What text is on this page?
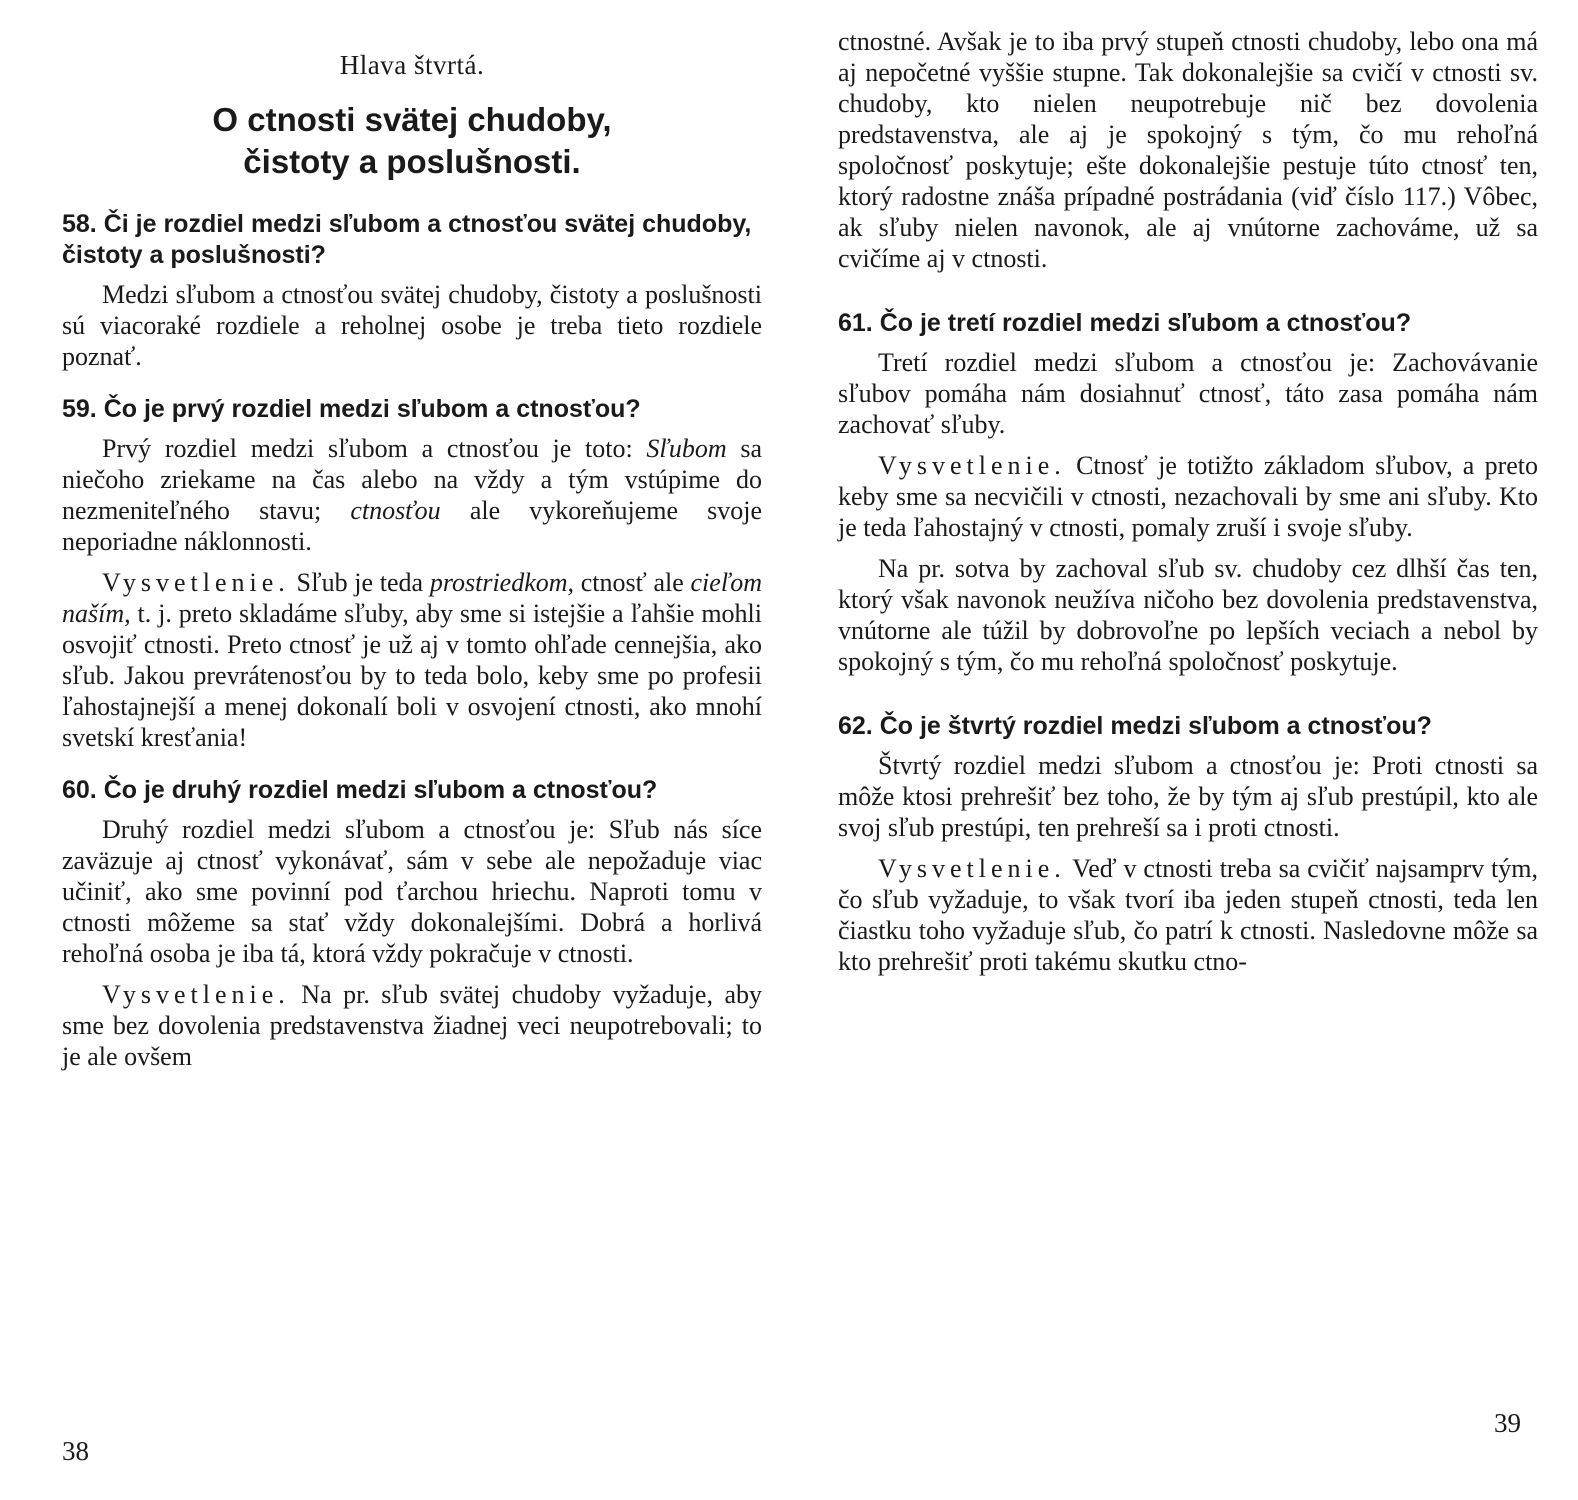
Hlava štvrtá.
O ctnosti svätej chudoby,
čistoty a poslušnosti.
58. Či je rozdiel medzi sľubom a ctnosťou svätej chudoby, čistoty a poslušnosti?

Medzi sľubom a ctnosťou svätej chudoby, čistoty a poslušnosti sú viacoraké rozdiele a reholnej osobe je treba tieto rozdiele poznať.

59. Čo je prvý rozdiel medzi sľubom a ctnosťou?

Prvý rozdiel medzi sľubom a ctnosťou je toto: Sľubom sa niečoho zriekame na čas alebo na vždy a tým vstúpime do nezmeniteľného stavu; ctnosťou ale vykoreňujeme svoje neporiadne náklonnosti.

Vysvetlenie. Sľub je teda prostriedkom, ctnosť ale cieľom naším, t. j. preto skladáme sľuby, aby sme si istejšie a ľahšie mohli osvojiť ctnosti. Preto ctnosť je už aj v tomto ohľade cennejšia, ako sľub. Jakou prevrátenosťou by to teda bolo, keby sme po profesii ľahostajnejší a menej dokonalí boli v osvojení ctnosti, ako mnohí svetskí kresťania!

60. Čo je druhý rozdiel medzi sľubom a ctnosťou?

Druhý rozdiel medzi sľubom a ctnosťou je: Sľub nás síce zaväzuje aj ctnosť vykonávať, sám v sebe ale nepožaduje viac učiniť, ako sme povinní pod ťarchou hriechu. Naproti tomu v ctnosti môžeme sa stať vždy dokonalejšími. Dobrá a horlivá rehoľná osoba je iba tá, ktorá vždy pokračuje v ctnosti.

Vysvetlenie. Na pr. sľub svätej chudoby vyžaduje, aby sme bez dovolenia predstavenstva žiadnej veci neupotrebovali; to je ale ovšem

38

ctnostné. Avšak je to iba prvý stupeň ctnosti chudoby, lebo ona má aj nepočetné vyššie stupne. Tak dokonalejšie sa cvičí v ctnosti sv. chudoby, kto nielen neupotrebuje nič bez dovolenia predstavenstva, ale aj je spokojný s tým, čo mu rehoľná spoločnosť poskytuje; ešte dokonalejšie pestuje túto ctnosť ten, ktorý radostne znáša prípadné postrádania (viď číslo 117.) Vôbec, ak sľuby nielen navonok, ale aj vnútorne zachováme, už sa cvičíme aj v ctnosti.

61. Čo je tretí rozdiel medzi sľubom a ctnosťou?

Tretí rozdiel medzi sľubom a ctnosťou je: Zachovávanie sľubov pomáha nám dosiahnuť ctnosť, táto zasa pomáha nám zachovať sľuby.

Vysvetlenie. Ctnosť je totižto základom sľubov, a preto keby sme sa necvičili v ctnosti, nezachovali by sme ani sľuby. Kto je teda ľahostajný v ctnosti, pomaly zruší i svoje sľuby.

Na pr. sotva by zachoval sľub sv. chudoby cez dlhší čas ten, ktorý však navonok neužíva ničoho bez dovolenia predstavenstva, vnútorne ale túžil by dobrovoľne po lepších veciach a nebol by spokojný s tým, čo mu rehoľná spoločnosť poskytuje.

62. Čo je štvrtý rozdiel medzi sľubom a ctnosťou?

Štvrtý rozdiel medzi sľubom a ctnosťou je: Proti ctnosti sa môže ktosi prehrešiť bez toho, že by tým aj sľub prestúpil, kto ale svoj sľub prestúpi, ten prehreší sa i proti ctnosti.

Vysvetlenie. Veď v ctnosti treba sa cvičiť najsamprv tým, čo sľub vyžaduje, to však tvorí iba jeden stupeň ctnosti, teda len čiastku toho vyžaduje sľub, čo patrí k ctnosti. Nasledovne môže sa kto prehrešiť proti takému skutku ctno-

39
